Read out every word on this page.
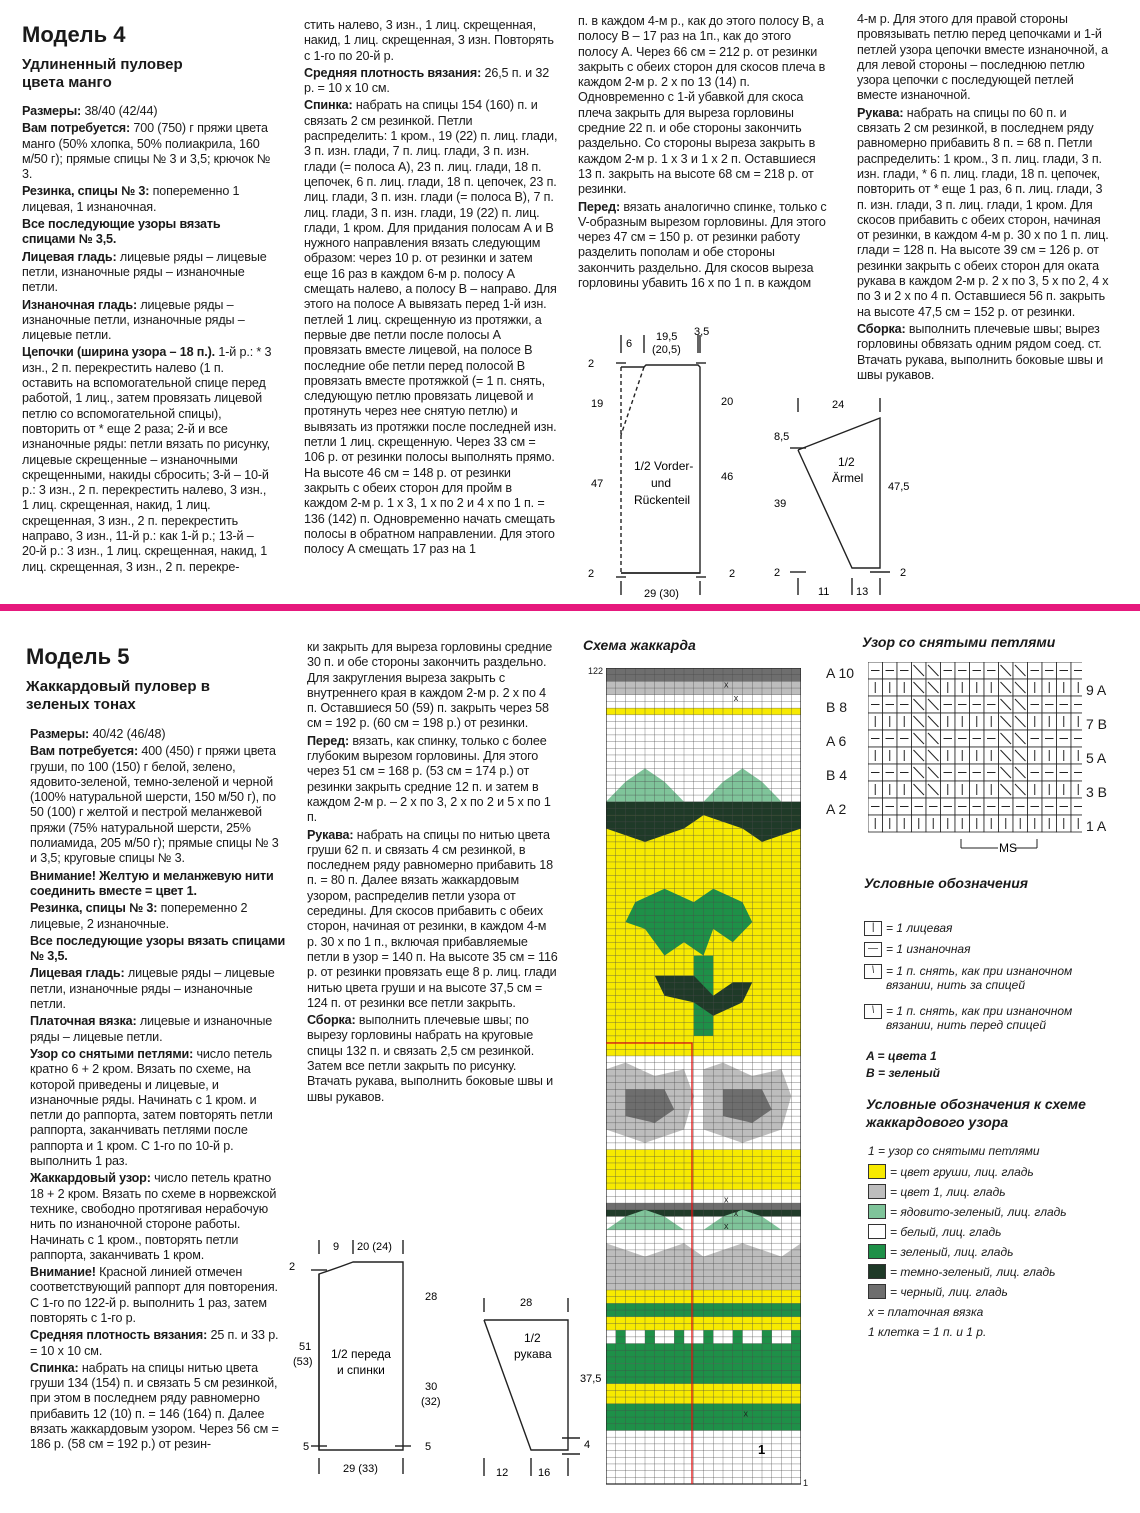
Модель 4
Удлиненный пуловер цвета манго

Размеры: 38/40 (42/44)

Вам потребуется: 700 (750) г пряжи цвета манго (50% хлопка, 50% полиакрила, 160 м/50 г); прямые спицы № 3 и 3,5; крючок № 3.

Резинка, спицы № 3: попеременно 1 лицевая, 1 изнаночная.

Все последующие узоры вязать спицами № 3,5.

Лицевая гладь: лицевые ряды – лицевые петли, изнаночные ряды – изнаночные петли.

Изнаночная гладь: лицевые ряды – изнаночные петли, изнаночные ряды – лицевые петли.

Цепочки (ширина узора – 18 п.). 1-й р.: * 3 изн., 2 п. перекрестить налево (1 п. оставить на вспомогательной спице перед работой, 1 лиц., затем провязать лицевой петлю со вспомогательной спицы), повторить от * еще 2 раза; 2-й и все изнаночные ряды: петли вязать по рисунку, лицевые скрещенные – изнаночными скрещенными, накиды сбросить; 3-й – 10-й р.: 3 изн., 2 п. перекрестить налево, 3 изн., 1 лиц. скрещенная, накид, 1 лиц. скрещенная, 3 изн., 2 п. перекрестить направо, 3 изн., 11-й р.: как 1-й р.; 13-й – 20-й р.: 3 изн., 1 лиц. скрещенная, накид, 1 лиц. скрещенная, 3 изн., 2 п. перекре-

стить налево, 3 изн., 1 лиц. скрещенная, накид, 1 лиц. скрещенная, 3 изн. Повторять с 1-го по 20-й р.

Средняя плотность вязания: 26,5 п. и 32 р. = 10 х 10 см.

Спинка: набрать на спицы 154 (160) п. и связать 2 см резинкой. Петли распределить: 1 кром., 19 (22) п. лиц. глади, 3 п. изн. глади, 7 п. лиц. глади, 3 п. изн. глади (= полоса А), 23 п. лиц. глади, 18 п. цепочек, 6 п. лиц. глади, 18 п. цепочек, 23 п. лиц. глади, 3 п. изн. глади (= полоса В), 7 п. лиц. глади, 3 п. изн. глади, 19 (22) п. лиц. глади, 1 кром. Для придания полосам А и В нужного направления вязать следующим образом: через 10 р. от резинки и затем еще 16 раз в каждом 6-м р. полосу А смещать налево, а полосу В – направо. Для этого на полосе А вывязать перед 1-й изн. петлей 1 лиц. скрещенную из протяжки, а первые две петли после полосы А провязать вместе лицевой, на полосе В последние обе петли перед полосой В провязать вместе протяжкой (= 1 п. снять, следующую петлю провязать лицевой и протянуть через нее снятую петлю) и вывязать из протяжки после последней изн. петли 1 лиц. скрещенную. Через 33 см = 106 р. от резинки полосы выполнять прямо. На высоте 46 см = 148 р. от резинки закрыть с обеих сторон для пройм в каждом 2-м р. 1 х 3, 1 х по 2 и 4 х по 1 п. = 136 (142) п. Одновременно начать смещать полосы в обратном направлении. Для этого полосу А смещать 17 раз на 1

п. в каждом 4-м р., как до этого полосу В, а полосу В – 17 раз на 1п., как до этого полосу А. Через 66 см = 212 р. от резинки закрыть с обеих сторон для скосов плеча в каждом 2-м р. 2 х по 13 (14) п. Одновременно с 1-й убавкой для скоса плеча закрыть для выреза горловины средние 22 п. и обе стороны закончить раздельно. Со стороны выреза закрыть в каждом 2-м р. 1 х 3 и 1 х 2 п. Оставшиеся 13 п. закрыть на высоте 68 см = 218 р. от резинки.

Перед: вязать аналогично спинке, только с V-образным вырезом горловины. Для этого через 47 см = 150 р. от резинки работу разделить пополам и обе стороны закончить раздельно. Для скосов выреза горловины убавить 16 х по 1 п. в каждом

4-м р. Для этого для правой стороны провязывать петлю перед цепочками и 1-й петлей узора цепочки вместе изнаночной, а для левой стороны – последнюю петлю узора цепочки с последующей петлей вместе изнаночной.

Рукава: набрать на спицы по 60 п. и связать 2 см резинкой, в последнем ряду равномерно прибавить 8 п. = 68 п. Петли распределить: 1 кром., 3 п. лиц. глади, 3 п. изн. глади, * 6 п. лиц. глади, 18 п. цепочек, повторить от * еще 1 раз, 6 п. лиц. глади, 3 п. изн. глади, 3 п. лиц. глади, 1 кром. Для скосов прибавить с обеих сторон, начиная от резинки, в каждом 4-м р. 30 х по 1 п. лиц. глади = 128 п. На высоте 39 см = 126 р. от резинки закрыть с обеих сторон для оката рукава в каждом 2-м р. 2 х по 3, 5 х по 2, 4 х по 3 и 2 х по 4 п. Оставшиеся 56 п. закрыть на высоте 47,5 см = 152 р. от резинки.

Сборка: выполнить плечевые швы; вырез горловины обвязать одним рядом соед. ст. Втачать рукава, выполнить боковые швы и швы рукавов.

6
19,5
(20,5)
3,5
2
19
47
2
20
46
2
1/2 Vorder-
und
Rückenteil
29 (30)
24
8,5
39
2
1/2
Ärmel
47,5
2
11 13
Модель 5
Жаккардовый пуловер в зеленых тонах

Размеры: 40/42 (46/48)

Вам потребуется: 400 (450) г пряжи цвета груши, по 100 (150) г белой, зелено, ядовито-зеленой, темно-зеленой и черной (100% натуральной шерсти, 150 м/50 г), по 50 (100) г желтой и пестрой меланжевой пряжи (75% натуральной шерсти, 25% полиамида, 205 м/50 г); прямые спицы № 3 и 3,5; круговые спицы № 3.

Внимание! Желтую и меланжевую нити соединить вместе = цвет 1.

Резинка, спицы № 3: попеременно 2 лицевые, 2 изнаночные.

Все последующие узоры вязать спицами № 3,5.

Лицевая гладь: лицевые ряды – лицевые петли, изнаночные ряды – изнаночные петли.

Платочная вязка: лицевые и изнаночные ряды – лицевые петли.

Узор со снятыми петлями: число петель кратно 6 + 2 кром. Вязать по схеме, на которой приведены и лицевые, и изнаночные ряды. Начинать с 1 кром. и петли до раппорта, затем повторять петли раппорта, заканчивать петлями после раппорта и 1 кром. С 1-го по 10-й р. выполнить 1 раз.

Жаккардовый узор: число петель кратно 18 + 2 кром. Вязать по схеме в норвежской технике, свободно протягивая нерабочую нить по изнаночной стороне работы. Начинать с 1 кром., повторять петли раппорта, заканчивать 1 кром.

Внимание! Красной линией отмечен соответствующий раппорт для повторения. С 1-го по 122-й р. выполнить 1 раз, затем повторять с 1-го р.

Средняя плотность вязания: 25 п. и 33 р. = 10 х 10 см.

Спинка: набрать на спицы нитью цвета груши 134 (154) п. и связать 5 см резинкой, при этом в последнем ряду равномерно прибавить 12 (10) п. = 146 (164) п. Далее вязать жаккардовым узором. Через 56 см = 186 р. (58 см = 192 р.) от резин-

ки закрыть для выреза горловины средние 30 п. и обе стороны закончить раздельно. Для закругления выреза закрыть с внутреннего края в каждом 2-м р. 2 х по 4 п. Оставшиеся 50 (59) п. закрыть через 58 см = 192 р. (60 см = 198 р.) от резинки.

Перед: вязать, как спинку, только с более глубоким вырезом горловины. Для этого через 51 см = 168 р. (53 см = 174 р.) от резинки закрыть средние 12 п. и затем в каждом 2-м р. – 2 х по 3, 2 х по 2 и 5 х по 1 п.

Рукава: набрать на спицы по нитью цвета груши 62 п. и связать 4 см резинкой, в последнем ряду равномерно прибавить 18 п. = 80 п. Далее вязать жаккардовым узором, распределив петли узора от середины. Для скосов прибавить с обеих сторон, начиная от резинки, в каждом 4-м р. 30 х по 1 п., включая прибавляемые петли в узор = 140 п. На высоте 35 см = 116 р. от резинки провязать еще 8 р. лиц. глади нитью цвета груши и на высоте 37,5 см = 124 п. от резинки все петли закрыть.

Сборка: выполнить плечевые швы; по вырезу горловины набрать на круговые спицы 132 п. и связать 2,5 см резинкой. Затем все петли закрыть по рисунку. Втачать рукава, выполнить боковые швы и швы рукавов.

9 20 (24)
2
51
(53)
5
28
30
(32)
5
1/2 переда
и спинки
29 (33)
28
1/2
рукава
37,5
4
12	16
Схема жаккарда
122
1
x
x
x
x
x
x
1
Узор со снятыми петлями
A 10
B 8
A 6
B 4
A 2
9 A
7 B
5 A
3 B
1 A
MS
Условные обозначения
| = 1 лицевая
— = 1 изнаночная
\ = 1 п. снять, как при изнаночном вязании, нить за спицей
\ = 1 п. снять, как при изнаночном вязании, нить перед спицей
A = цвета 1
B = зеленый
Условные обозначения к схеме
жаккардового узора
1 = узор со снятыми петлями
= цвет груши, лиц. гладь
= цвет 1, лиц. гладь
= ядовито-зеленый, лиц. гладь
= белый, лиц. гладь
= зеленый, лиц. гладь
= темно-зеленый, лиц. гладь
= черный, лиц. гладь
x = платочная вязка
1 клетка = 1 п. и 1 р.
